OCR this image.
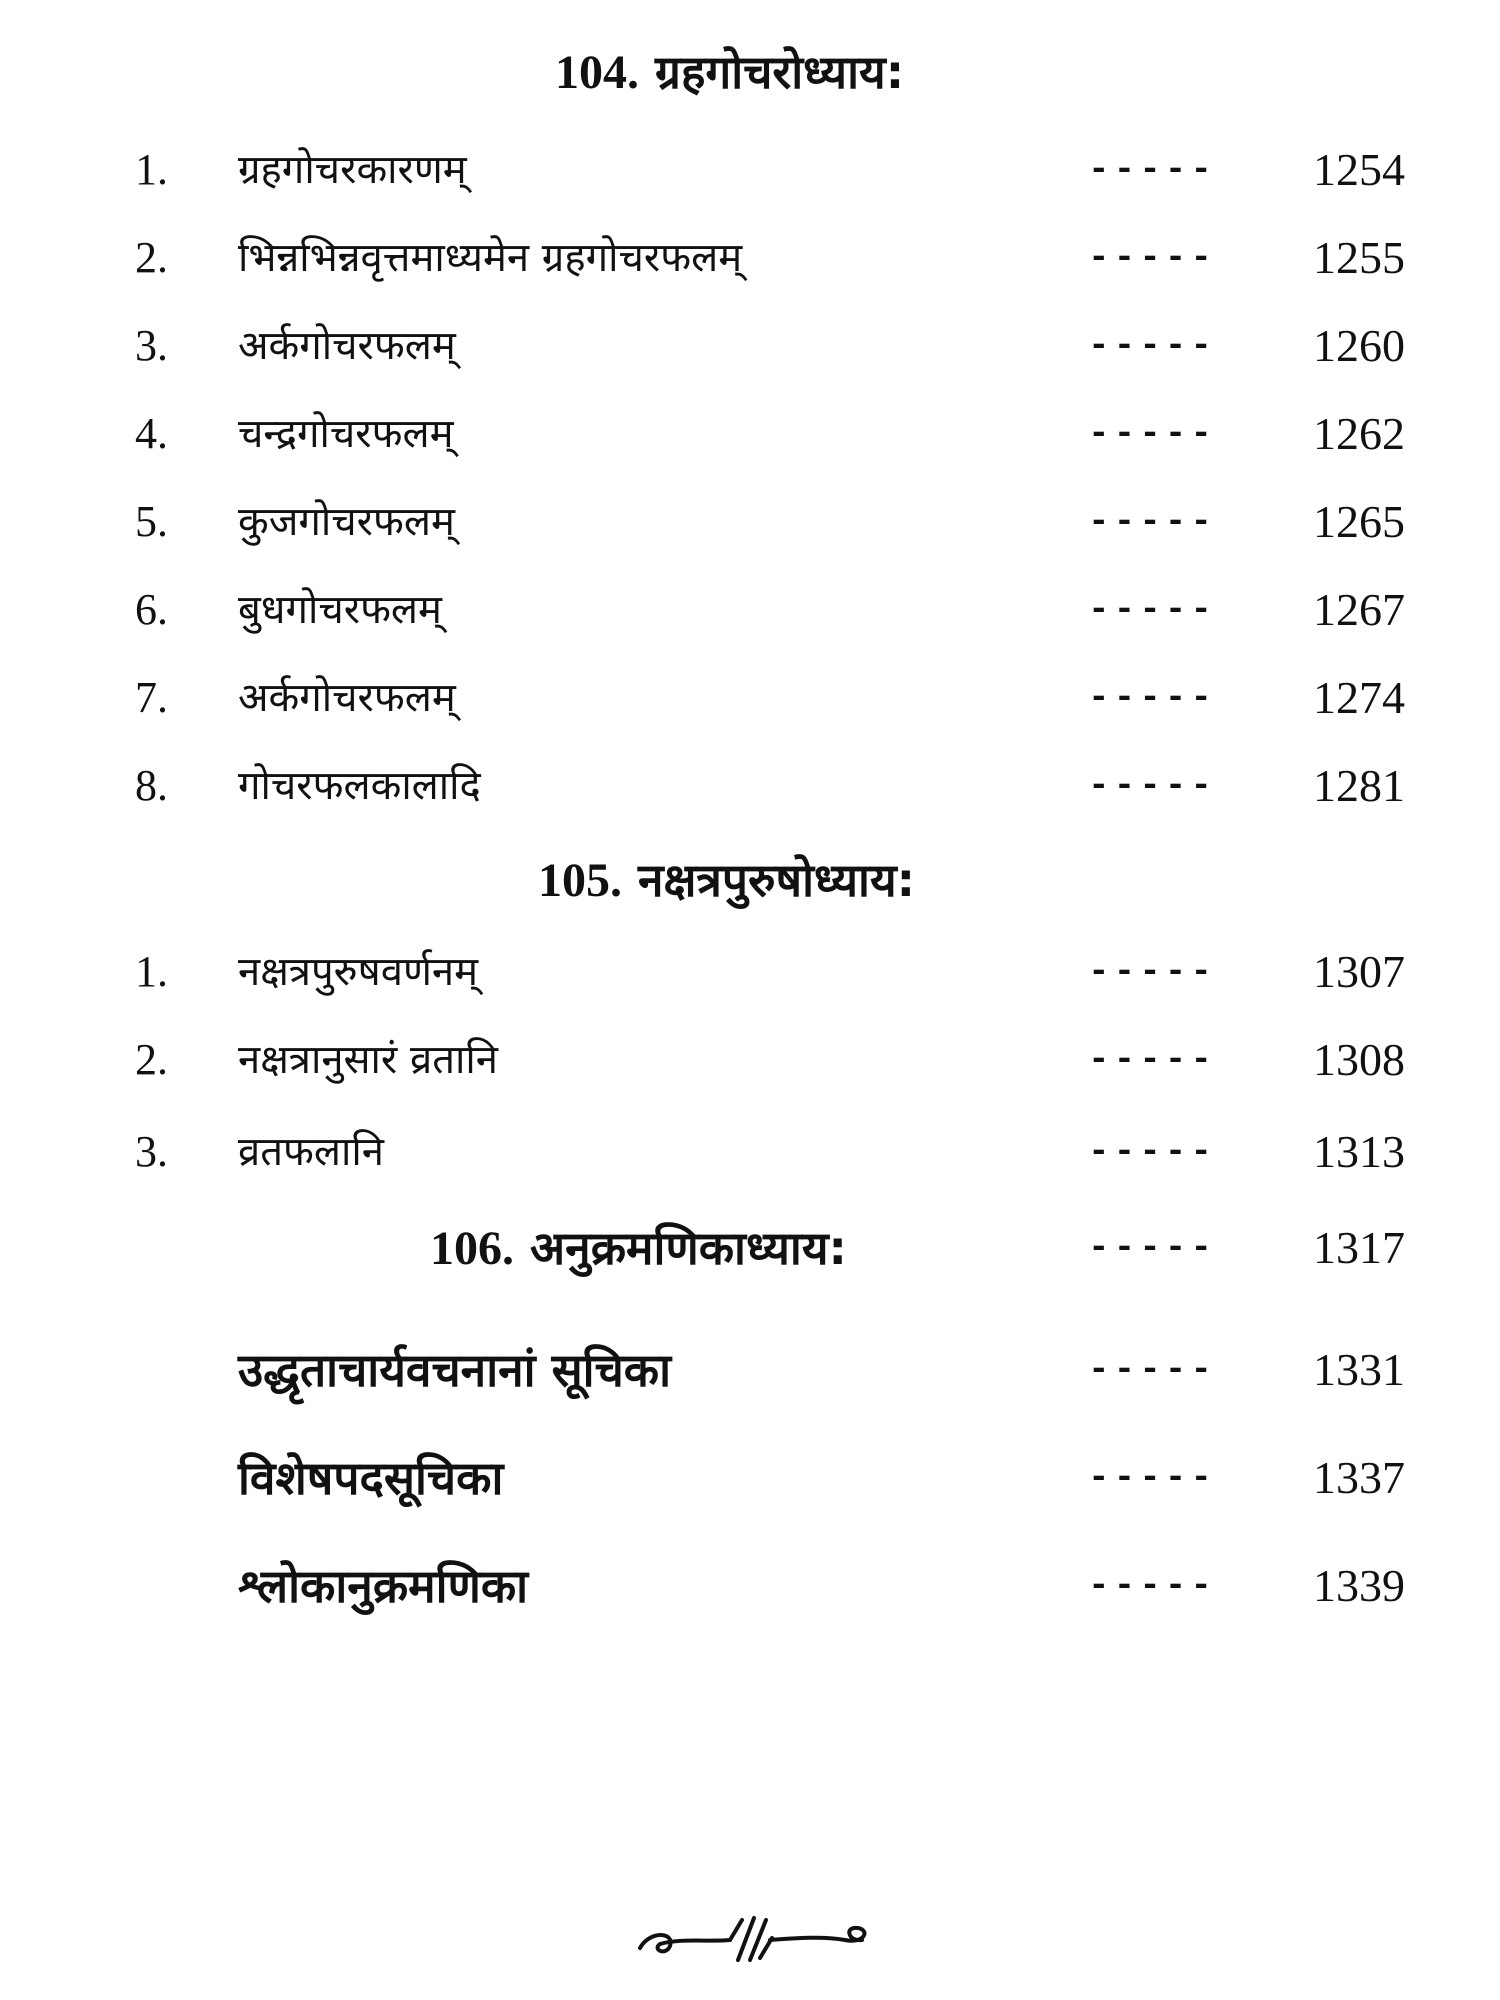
104. ग्रहगोचरोध्याय:
1. ग्रहगोचरकारणम्	----- 1254
2. भिन्नभिन्नवृत्तमाध्यमेन ग्रहगोचरफलम्	----- 1255
3. अर्कगोचरफलम्	----- 1260
4. चन्द्रगोचरफलम्	----- 1262
5. कुजगोचरफलम्	----- 1265
6. बुधगोचरफलम्	----- 1267
7. अर्कगोचरफलम्	----- 1274
8. गोचरफलकालादि	----- 1281
105. नक्षत्रपुरुषोध्याय:
1. नक्षत्रपुरुषवर्णनम्	----- 1307
2. नक्षत्रानुसारं व्रतानि	----- 1308
3. व्रतफलानि	----- 1313
106. अनुक्रमणिकाध्याय:	----- 1317
उद्धृताचार्यवचनानां सूचिका	----- 1331
विशेषपदसूचिका	----- 1337
श्लोकानुक्रमणिका	----- 1339
